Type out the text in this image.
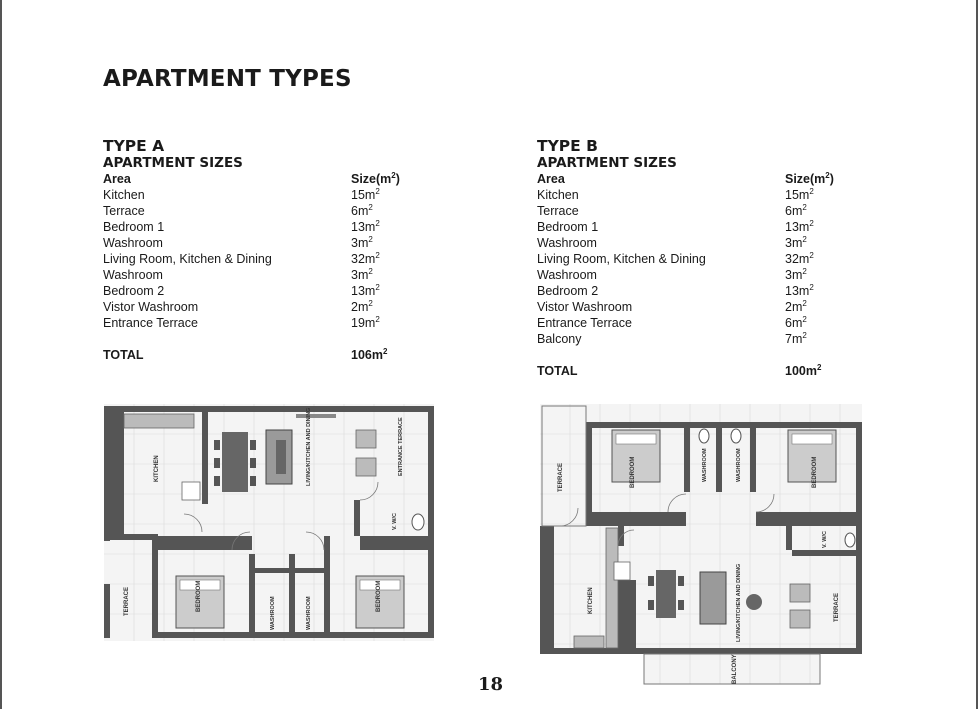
APARTMENT TYPES
TYPE A
APARTMENT SIZES
Area	$Size(m^2)$
Kitchen	$15m^2$
Terrace	$6m^2$
Bedroom 1	$13m^2$
Washroom	$3m^2$
Living Room, Kitchen & Dining	$32m^2$
Washroom	$3m^2$
Bedroom 2	$13m^2$
Vistor Washroom	$2m^2$
Entrance Terrace	$19m^2$
TOTAL	$106m^2$
TYPE B
APARTMENT SIZES
Area	$Size(m^2)$
Kitchen	$15m^2$
Terrace	$6m^2$
Bedroom 1	$13m^2$
Washroom	$3m^2$
Living Room, Kitchen & Dining	$32m^2$
Washroom	$3m^2$
Bedroom 2	$13m^2$
Vistor Washroom	$2m^2$
Entrance Terrace	$6m^2$
Balcony	$7m^2$
TOTAL	$100m^2$
KITCHEN	LIVING/KITCHEN AND DINING	ENTRANCE TERRACE
V. W/C
TERRACE	BEDROOM
WASHROOM	WASHROOM
BEDROOM
TERRACE	BEDROOM	WASHROOM	WASHROOM	BEDROOM
V. W/C
KITCHEN	LIVING/KITCHEN AND DINING	TERRACE
BALCONY
18
